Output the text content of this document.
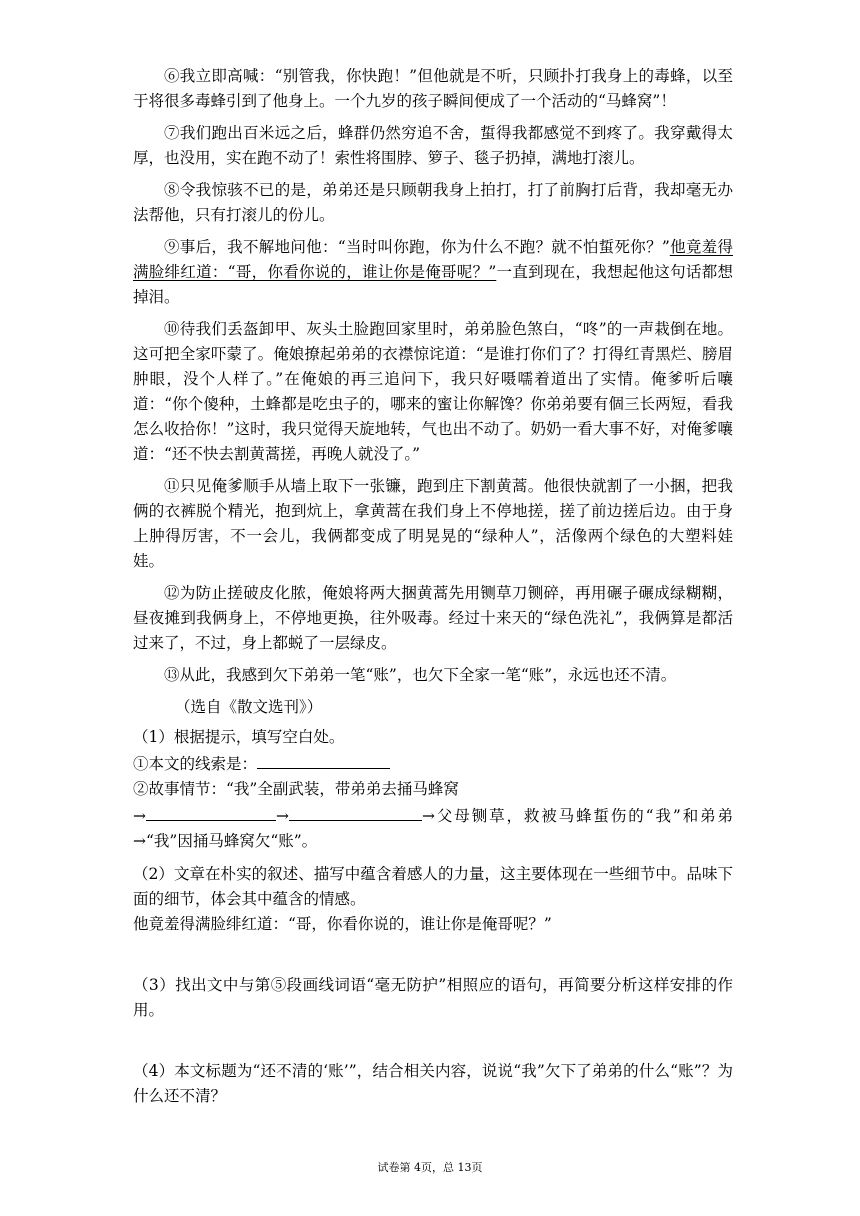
⑥我立即高喊：“别管我，你快跑！”但他就是不听，只顾扑打我身上的毒蜂，以至于将很多毒蜂引到了他身上。一个九岁的孩子瞬间便成了一个活动的“马蜂窝”！

⑦我们跑出百米远之后，蜂群仍然穷追不舍，蜇得我都感觉不到疼了。我穿戴得太厚，也没用，实在跑不动了！索性将围脖、箩子、毯子扔掉，满地打滚儿。

⑧令我惊骇不已的是，弟弟还是只顾朝我身上拍打，打了前胸打后背，我却毫无办法帮他，只有打滚儿的份儿。

⑨事后，我不解地问他：“当时叫你跑，你为什么不跑？就不怕蜇死你？”他竟羞得满脸绯红道：“哥，你看你说的，谁让你是俺哥呢？”一直到现在，我想起他这句话都想掉泪。

⑩待我们丢盔卸甲、灰头土脸跑回家里时，弟弟脸色煞白，“咚”的一声栽倒在地。这可把全家吓蒙了。俺娘撩起弟弟的衣襟惊诧道：“是谁打你们了？打得红青黑烂、膀眉肿眼，没个人样了。”在俺娘的再三追问下，我只好嗫嚅着道出了实情。俺爹听后嚷道：“你个傻种，土蜂都是吃虫子的，哪来的蜜让你解馋？你弟弟要有個三长两短，看我怎么收拾你！”这时，我只觉得天旋地转，气也出不动了。奶奶一看大事不好，对俺爹嚷道：“还不快去割黄蒿搓，再晚人就没了。”

⑪只见俺爹顺手从墙上取下一张镰，跑到庄下割黄蒿。他很快就割了一小捆，把我俩的衣裤脱个精光，抱到炕上，拿黄蒿在我们身上不停地搓，搓了前边搓后边。由于身上肿得厉害，不一会儿，我俩都变成了明晃晃的“绿种人”，活像两个绿色的大塑料娃娃。

⑫为防止搓破皮化脓，俺娘将两大捆黄蒿先用铡草刀铡碎，再用碾子碾成绿糊糊，昼夜摊到我俩身上，不停地更换，往外吸毒。经过十来天的“绿色洗礼”，我俩算是都活过来了，不过，身上都蜕了一层绿皮。

⑬从此，我感到欠下弟弟一笔“账”，也欠下全家一笔“账”，永远也还不清。

（选自《散文选刊》）

（1）根据提示，填写空白处。

①本文的线索是：

②故事情节：“我”全副武装，带弟弟去捅马蜂窝

→	→	→父母铡草，救被马蜂蜇伤的“我”和弟弟→“我”因捅马蜂窝欠“账”。

（2）文章在朴实的叙述、描写中蕴含着感人的力量，这主要体现在一些细节中。品味下面的细节，体会其中蕴含的情感。

他竟羞得满脸绯红道：“哥，你看你说的，谁让你是俺哥呢？”

（3）找出文中与第⑤段画线词语“毫无防护”相照应的语句，再简要分析这样安排的作用。

（4）本文标题为“还不清的‘账’”，结合相关内容，说说“我”欠下了弟弟的什么“账”？为什么还不清？

试卷第 4页，总 13页
